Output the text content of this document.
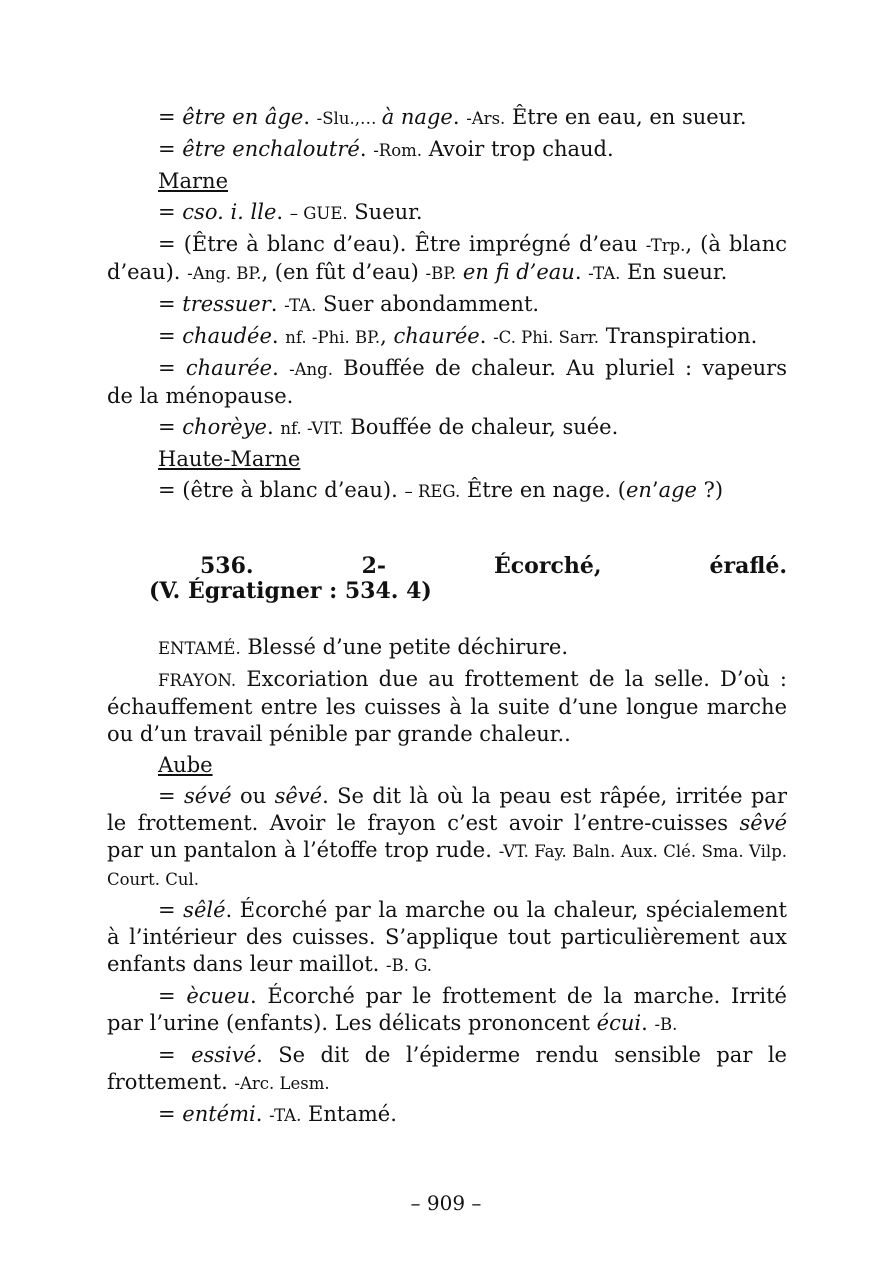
= être en âge. -Slu.,… à nage. -Ars. Être en eau, en sueur.

= être enchaloutré. -Rom. Avoir trop chaud.

Marne

= cso. i. lle. – GUE. Sueur.

= (Être à blanc d’eau). Être imprégné d’eau -Trp., (à blanc d’eau). -Ang. BP., (en fût d’eau) -BP. en fi d’eau. -TA. En sueur.

= tressuer. -TA. Suer abondamment.

= chaudée. nf. -Phi. BP., chaurée. -C. Phi. Sarr. Transpiration.

= chaurée. -Ang. Bouffée de chaleur. Au pluriel : vapeurs de la ménopause.

= chorèye. nf. -VIT. Bouffée de chaleur, suée.

Haute-Marne

= (être à blanc d’eau). – REG. Être en nage. (en’age ?)

536.	2-	Écorché,	éraflé.
(V. Égratigner : 534. 4)

ENTAMÉ. Blessé d’une petite déchirure.

FRAYON. Excoriation due au frottement de la selle. D’où : échauffement entre les cuisses à la suite d’une longue marche ou d’un travail pénible par grande chaleur..

Aube

= sévé ou sêvé. Se dit là où la peau est râpée, irritée par le frottement. Avoir le frayon c’est avoir l’entre-cuisses sêvé par un pantalon à l’étoffe trop rude. -VT. Fay. Baln. Aux. Clé. Sma. Vilp. Court. Cul.

= sêlé. Écorché par la marche ou la chaleur, spécialement à l’intérieur des cuisses. S’applique tout particulièrement aux enfants dans leur maillot. -B. G.

= ècueu. Écorché par le frottement de la marche. Irrité par l’urine (enfants). Les délicats prononcent écui. -B.

= essivé. Se dit de l’épiderme rendu sensible par le frottement. -Arc. Lesm.

= entémi. -TA. Entamé.

– 909 –
